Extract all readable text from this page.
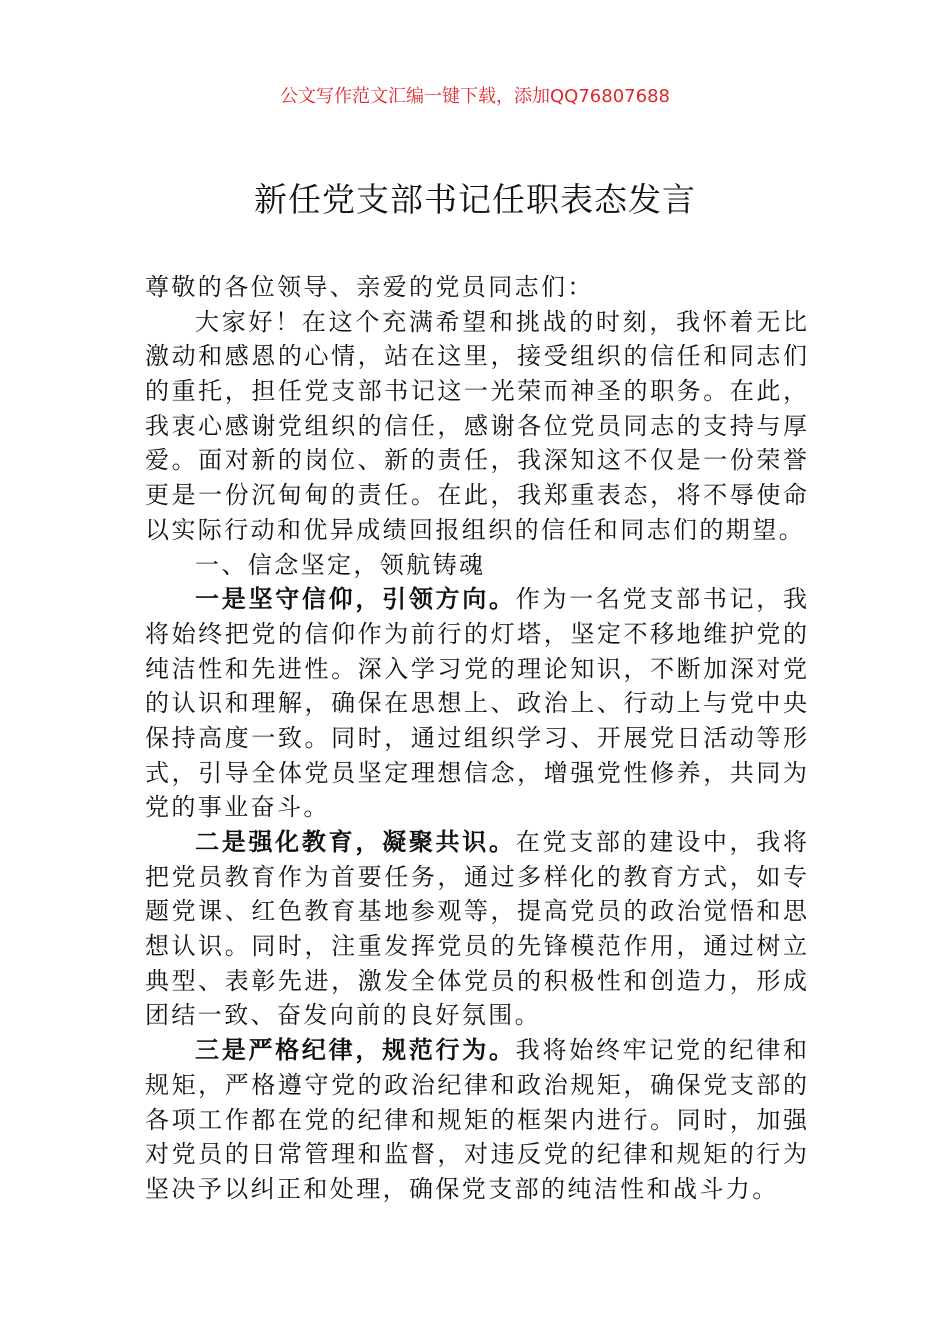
公文写作范文汇编一键下载，添加QQ76807688
新任党支部书记任职表态发言
尊敬的各位领导、亲爱的党员同志们：
大家好！在这个充满希望和挑战的时刻，我怀着无比
激动和感恩的心情，站在这里，接受组织的信任和同志们
的重托，担任党支部书记这一光荣而神圣的职务。在此，
我衷心感谢党组织的信任，感谢各位党员同志的支持与厚
爱。面对新的岗位、新的责任，我深知这不仅是一份荣誉
更是一份沉甸甸的责任。在此，我郑重表态，将不辱使命
以实际行动和优异成绩回报组织的信任和同志们的期望。
一、信念坚定，领航铸魂
一是坚守信仰，引领方向。作为一名党支部书记，我
将始终把党的信仰作为前行的灯塔，坚定不移地维护党的
纯洁性和先进性。深入学习党的理论知识，不断加深对党
的认识和理解，确保在思想上、政治上、行动上与党中央
保持高度一致。同时，通过组织学习、开展党日活动等形
式，引导全体党员坚定理想信念，增强党性修养，共同为
党的事业奋斗。
二是强化教育，凝聚共识。在党支部的建设中，我将
把党员教育作为首要任务，通过多样化的教育方式，如专
题党课、红色教育基地参观等，提高党员的政治觉悟和思
想认识。同时，注重发挥党员的先锋模范作用，通过树立
典型、表彰先进，激发全体党员的积极性和创造力，形成
团结一致、奋发向前的良好氛围。
三是严格纪律，规范行为。我将始终牢记党的纪律和
规矩，严格遵守党的政治纪律和政治规矩，确保党支部的
各项工作都在党的纪律和规矩的框架内进行。同时，加强
对党员的日常管理和监督，对违反党的纪律和规矩的行为
坚决予以纠正和处理，确保党支部的纯洁性和战斗力。
